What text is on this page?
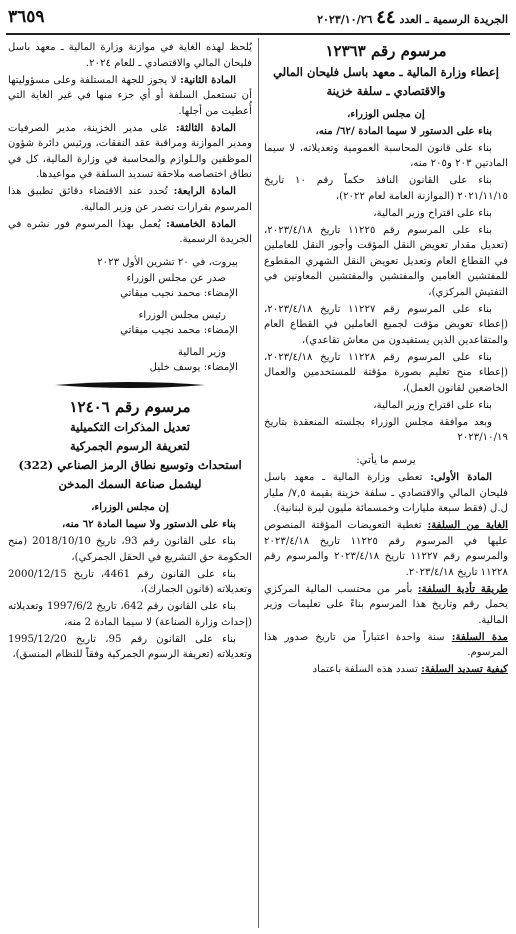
الجريدة الرسمية ـ العدد ٤٤ ٢٠٢٣/١٠/٢٦
٣٦٥٩

مرسوم رقم ١٢٣٦٣

إعطاء وزارة المالية ـ معهد باسل فليحان المالي

والاقتصادي ـ سلفة خزينة

إن مجلس الوزراء،

بناء على الدستور لا سيما المادة /٦٢/ منه،

بناء على قانون المحاسبة العمومية وتعديلاته، لا سيما المادتين ٢٠٣ و٢٠٥ منه،

بناء على القانون النافذ حكماً رقم ١٠ تاريخ ٢٠٢١/١١/١٥ (الموازنة العامة لعام ٢٠٢٢)،

بناء على اقتراح وزير المالية،

بناء على المرسوم رقم ١١٢٢٥ تاريخ ٢٠٢٣/٤/١٨، (تعديل مقدار تعويض النقل المؤقت وأجور النقل للعاملين في القطاع العام وتعديل تعويض النقل الشهري المقطوع للمفتشين العامين والمفتشين والمفتشين المعاونين في التفتيش المركزي)،

بناء على المرسوم رقم ١١٢٢٧ تاريخ ٢٠٢٣/٤/١٨، (إعطاء تعويض مؤقت لجميع العاملين في القطاع العام والمتقاعدين الذين يستفيدون من معاش تقاعدي)،

بناء على المرسوم رقم ١١٢٢٨ تاريخ ٢٠٢٣/٤/١٨، (إعطاء منح تعليم بصورة مؤقتة للمستخدمين والعمال الخاضعين لقانون العمل)،

بناء على اقتراح وزير المالية،

وبعد موافقة مجلس الوزراء بجلسته المنعقدة بتاريخ ٢٠٢٣/١٠/١٩

يرسم ما يأتي:

المادة الأولى: تعطى وزارة المالية ـ معهد باسل فليحان المالي والاقتصادي ـ سلفة خزينة بقيمة ٧,٥/ مليار ل.ل (فقط سبعة مليارات وخمسمائة مليون ليرة لبنانية).

الغاية من السلفة: تغطية التعويضات المؤقتة المنصوص عليها في المرسوم رقم ١١٢٢٥ تاريخ ٢٠٢٣/٤/١٨ والمرسوم رقم ١١٢٢٧ تاريخ ٢٠٢٣/٤/١٨ والمرسوم رقم ١١٢٢٨ تاريخ ٢٠٢٣/٤/١٨.

طريقة تأدية السلفة: بأمر من محتسب المالية المركزي يحمل رقم وتاريخ هذا المرسوم بناءً على تعليمات وزير المالية.

مدة السلفة: سنة واحدة اعتباراً من تاريخ صدور هذا المرسوم.

كيفية تسديد السلفة: تسدد هذه السلفة باعتماد

يُلحظ لهذه الغاية في موازنة وزارة المالية ـ معهد باسل فليحان المالي والاقتصادي ـ للعام ٢٠٢٤.

المادة الثانية: لا يجوز للجهة المستلفة وعلى مسؤوليتها أن تستعمل السلفة أو أي جزء منها في غير الغاية التي أُعطيت من أجلها.

المادة الثالثة: على مدير الخزينة، مدير الصرفيات ومدير الموازنة ومراقبة عقد النفقات، ورئيس دائرة شؤون الموظفين والـلوازم والمحاسبة في وزارة المالية، كل في نطاق اختصاصه ملاحقة تسديد السلفة في مواعيدها.

المادة الرابعة: تُحدد عند الاقتضاء دقائق تطبيق هذا المرسوم بقرارات تصدر عن وزير المالية.

المادة الخامسة: يُعمل بهذا المرسوم فور نشره في الجريدة الرسمية.

بيروت، في ٢٠ تشرين الأول ٢٠٢٣

صدر عن مجلس الوزراء

الإمضاء: محمد نجيب ميقاتي

رئيس مجلس الوزراء

الإمضاء: محمد نجيب ميقاتي

وزير المالية

الإمضاء: يوسف خليل

مرسوم رقم ١٢٤٠٦

تعديل المذكرات التكميلية

لتعريفة الرسوم الجمركية

استحداث وتوسيع نطاق الرمز الصناعي (322)

ليشمل صناعة السمك المدخن

إن مجلس الوزراء،

بناء على الدستور ولا سيما المادة ٦٢ منه،

بناء على القانون رقم 93، تاريخ 2018/10/10 (منح الحكومة حق التشريع في الحقل الجمركي)،

بناء على القانون رقم 4461، تاريخ 2000/12/15 وتعديلاته (قانون الجمارك)،

بناء على القانون رقم 642، تاريخ 1997/6/2 وتعديلاته (إحداث وزارة الصناعة) لا سيما المادة 2 منه،

بناء على القانون رقم 95، تاريخ 1995/12/20 وتعديلاته (تعريفة الرسوم الجمركية وفقاً للنظام المنسق)،
